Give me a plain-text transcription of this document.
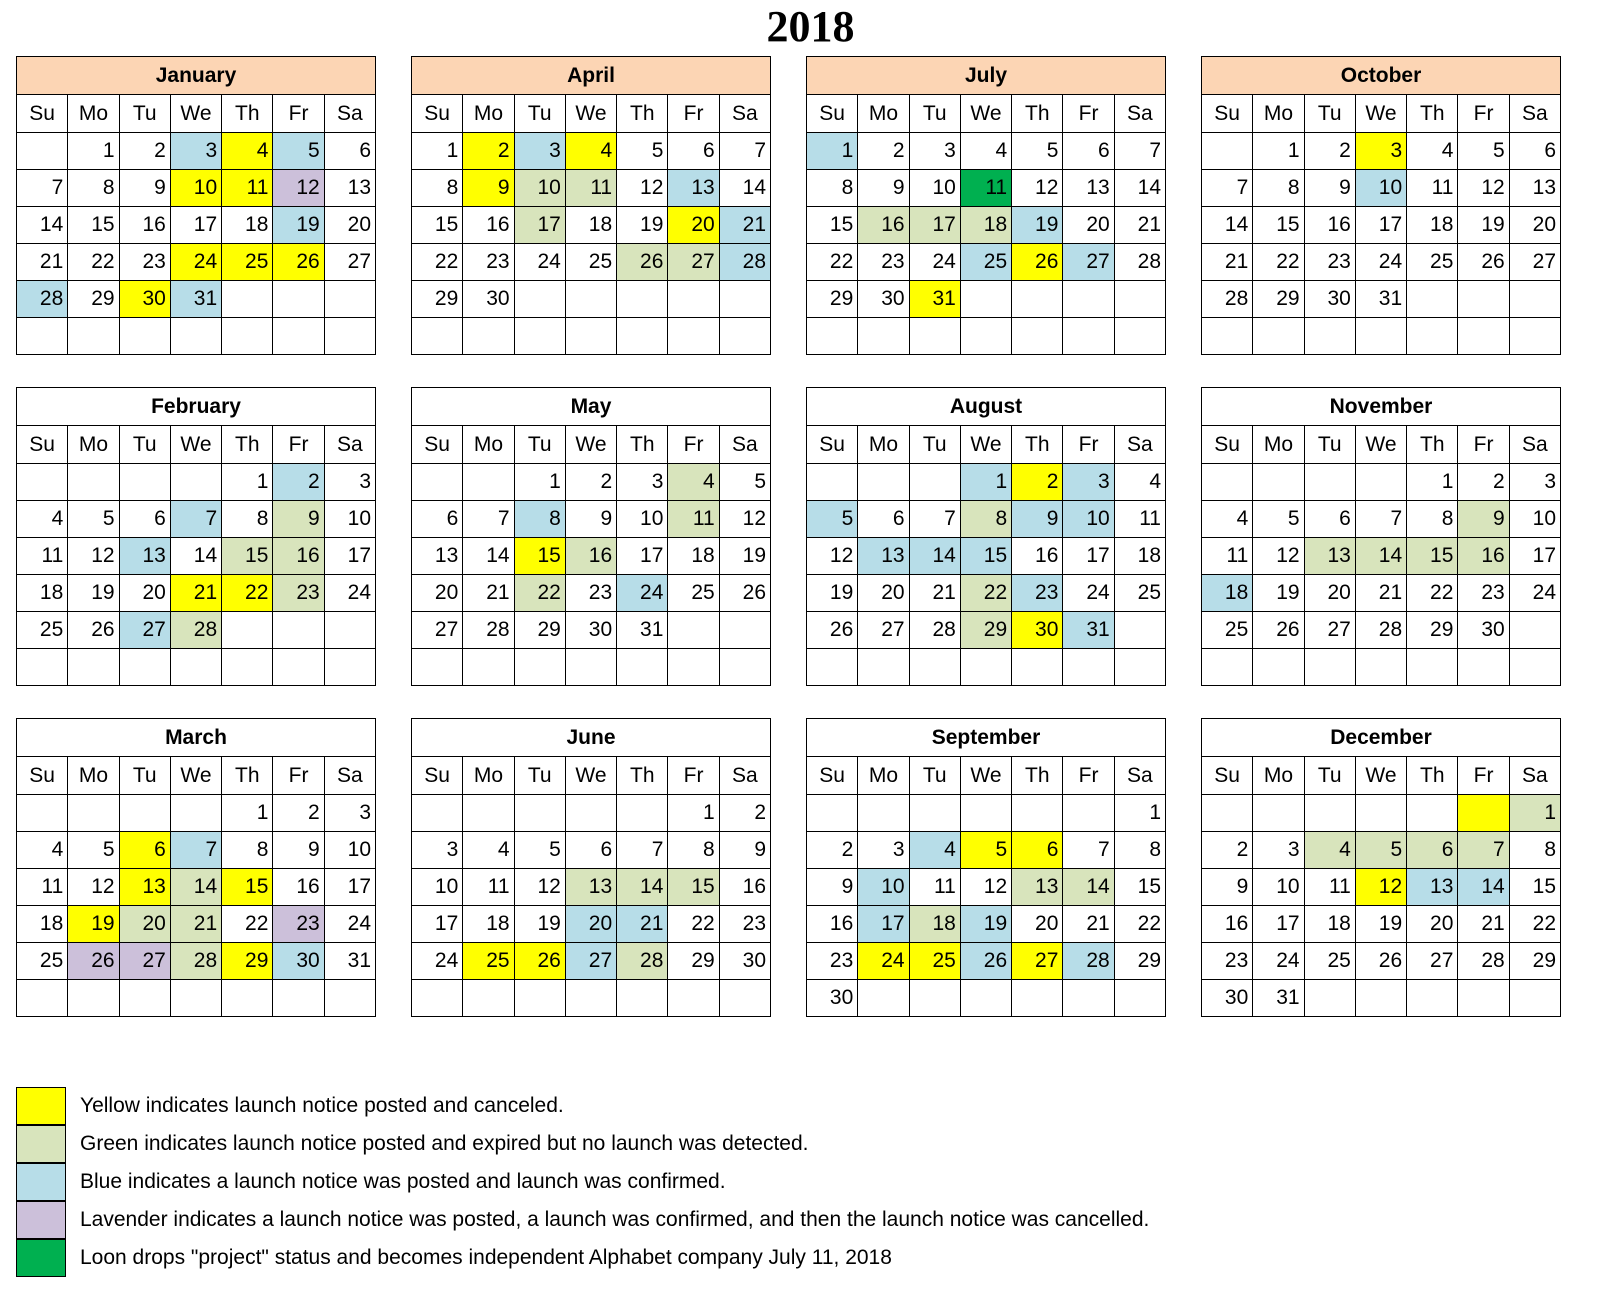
2018
January						
Su	Mo	Tu	We	Th	Fr	Sa
	1	2	3	4	5	6
7	8	9	10	11	12	13
14	15	16	17	18	19	20
21	22	23	24	25	26	27
28	29	30	31			

February						
Su	Mo	Tu	We	Th	Fr	Sa
				1	2	3
4	5	6	7	8	9	10
11	12	13	14	15	16	17
18	19	20	21	22	23	24
25	26	27	28			

March						
Su	Mo	Tu	We	Th	Fr	Sa
				1	2	3
4	5	6	7	8	9	10
11	12	13	14	15	16	17
18	19	20	21	22	23	24
25	26	27	28	29	30	31

April						
Su	Mo	Tu	We	Th	Fr	Sa
1	2	3	4	5	6	7
8	9	10	11	12	13	14
15	16	17	18	19	20	21
22	23	24	25	26	27	28
29	30					

May						
Su	Mo	Tu	We	Th	Fr	Sa
		1	2	3	4	5
6	7	8	9	10	11	12
13	14	15	16	17	18	19
20	21	22	23	24	25	26
27	28	29	30	31		

June						
Su	Mo	Tu	We	Th	Fr	Sa
					1	2
3	4	5	6	7	8	9
10	11	12	13	14	15	16
17	18	19	20	21	22	23
24	25	26	27	28	29	30

July						
Su	Mo	Tu	We	Th	Fr	Sa
1	2	3	4	5	6	7
8	9	10	11	12	13	14
15	16	17	18	19	20	21
22	23	24	25	26	27	28
29	30	31				

August						
Su	Mo	Tu	We	Th	Fr	Sa
			1	2	3	4
5	6	7	8	9	10	11
12	13	14	15	16	17	18
19	20	21	22	23	24	25
26	27	28	29	30	31	

September						
Su	Mo	Tu	We	Th	Fr	Sa
						1
2	3	4	5	6	7	8
9	10	11	12	13	14	15
16	17	18	19	20	21	22
23	24	25	26	27	28	29
30						
October						
Su	Mo	Tu	We	Th	Fr	Sa
	1	2	3	4	5	6
7	8	9	10	11	12	13
14	15	16	17	18	19	20
21	22	23	24	25	26	27
28	29	30	31			

November						
Su	Mo	Tu	We	Th	Fr	Sa
				1	2	3
4	5	6	7	8	9	10
11	12	13	14	15	16	17
18	19	20	21	22	23	24
25	26	27	28	29	30	

December						
Su	Mo	Tu	We	Th	Fr	Sa
						1
2	3	4	5	6	7	8
9	10	11	12	13	14	15
16	17	18	19	20	21	22
23	24	25	26	27	28	29
30	31					
Yellow indicates launch notice posted and canceled.
Green indicates launch notice posted and expired but no launch was detected.
Blue indicates a launch notice was posted and launch was confirmed.
Lavender indicates a launch notice was posted, a launch was confirmed, and then the launch notice was cancelled.
Loon drops "project" status and becomes independent Alphabet company July 11, 2018
